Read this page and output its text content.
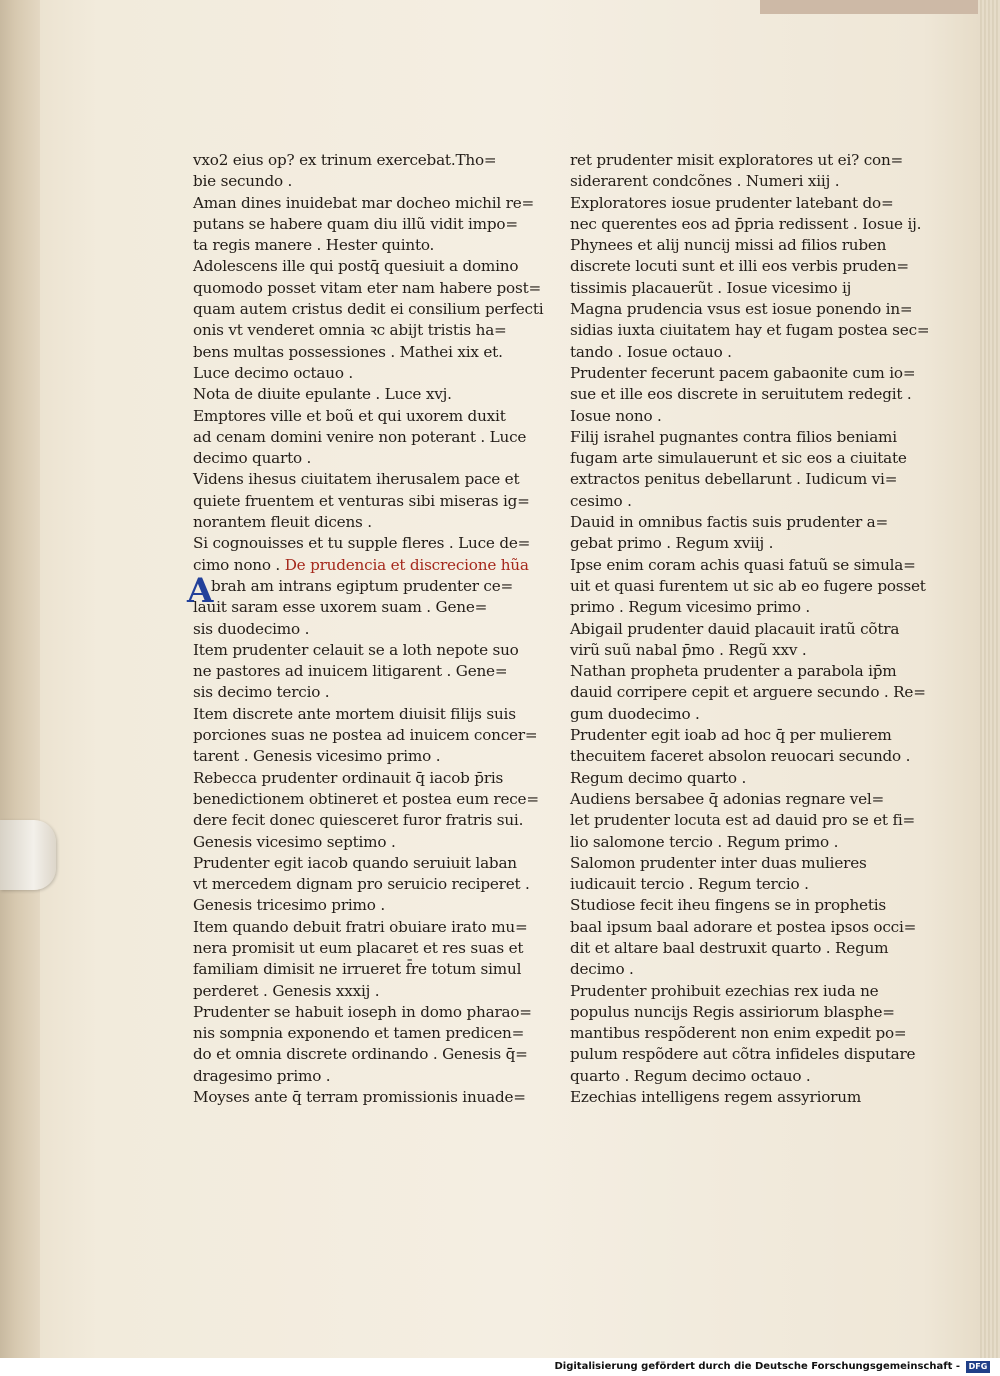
vxo2 eius op? ex trinum exercebat.Tho=
bie secundo .
Aman dines inuidebat mar docheo michil re=
putans se habere quam diu illũ vidit impo=
ta regis manere . Hester quinto.
Adolescens ille qui postq̄ quesiuit a domino
quomodo posset vitam eter nam habere post=
quam autem cristus dedit ei consilium perfecti
onis vt venderet omnia ꝛc abijt tristis ha=
bens multas possessiones . Mathei xix et.
Luce decimo octauo .
Nota de diuite epulante . Luce xvj.
Emptores ville et boũ et qui uxorem duxit
ad cenam domini venire non poterant . Luce
decimo quarto .
Videns ihesus ciuitatem iherusalem pace et
quiete fruentem et venturas sibi miseras ig=
norantem fleuit dicens .
Si cognouisses et tu supple fleres . Luce de=
cimo nono . De prudencia et discrecione hũa
Abrah am intrans egiptum prudenter ce=
lauit saram esse uxorem suam . Gene=
sis duodecimo .
Item prudenter celauit se a loth nepote suo
ne pastores ad inuicem litigarent . Gene=
sis decimo tercio .
Item discrete ante mortem diuisit filijs suis
porciones suas ne postea ad inuicem concer=
tarent . Genesis vicesimo primo .
Rebecca prudenter ordinauit q̄ iacob p̄ris
benedictionem obtineret et postea eum rece=
dere fecit donec quiesceret furor fratris sui.
Genesis vicesimo septimo .
Prudenter egit iacob quando seruiuit laban
vt mercedem dignam pro seruicio reciperet .
Genesis tricesimo primo .
Item quando debuit fratri obuiare irato mu=
nera promisit ut eum placaret et res suas et
familiam dimisit ne irrueret f̄re totum simul
perderet . Genesis xxxij .
Prudenter se habuit ioseph in domo pharao=
nis sompnia exponendo et tamen predicen=
do et omnia discrete ordinando . Genesis q̄=
dragesimo primo .
Moyses ante q̄ terram promissionis inuade=
ret prudenter misit exploratores ut ei? con=
siderarent condcõnes . Numeri xiij .
Exploratores iosue prudenter latebant do=
nec querentes eos ad p̄pria redissent . Iosue ij.
Phynees et alij nuncij missi ad filios ruben
discrete locuti sunt et illi eos verbis pruden=
tissimis placauerũt . Iosue vicesimo ij
Magna prudencia vsus est iosue ponendo in=
sidias iuxta ciuitatem hay et fugam postea sec=
tando . Iosue octauo .
Prudenter fecerunt pacem gabaonite cum io=
sue et ille eos discrete in seruitutem redegit .
Iosue nono .
Filij israhel pugnantes contra filios beniami
fugam arte simulauerunt et sic eos a ciuitate
extractos penitus debellarunt . Iudicum vi=
cesimo .
Dauid in omnibus factis suis prudenter a=
gebat primo . Regum xviij .
Ipse enim coram achis quasi fatuũ se simula=
uit et quasi furentem ut sic ab eo fugere posset
primo . Regum vicesimo primo .
Abigail prudenter dauid placauit iratũ cõtra
virũ suũ nabal p̄mo . Regũ xxv .
Nathan propheta prudenter a parabola ip̄m
dauid corripere cepit et arguere secundo . Re=
gum duodecimo .
Prudenter egit ioab ad hoc q̄ per mulierem
thecuitem faceret absolon reuocari secundo .
Regum decimo quarto .
Audiens bersabee q̄ adonias regnare vel=
let prudenter locuta est ad dauid pro se et fi=
lio salomone tercio . Regum primo .
Salomon prudenter inter duas mulieres
iudicauit tercio . Regum tercio .
Studiose fecit iheu fingens se in prophetis
baal ipsum baal adorare et postea ipsos occi=
dit et altare baal destruxit quarto . Regum
decimo .
Prudenter prohibuit ezechias rex iuda ne
populus nuncijs Regis assiriorum blasphe=
mantibus respõderent non enim expedit po=
pulum respõdere aut cõtra infideles disputare
quarto . Regum decimo octauo .
Ezechias intelligens regem assyriorum
Digitalisierung gefördert durch die Deutsche Forschungsgemeinschaft -	DFG
